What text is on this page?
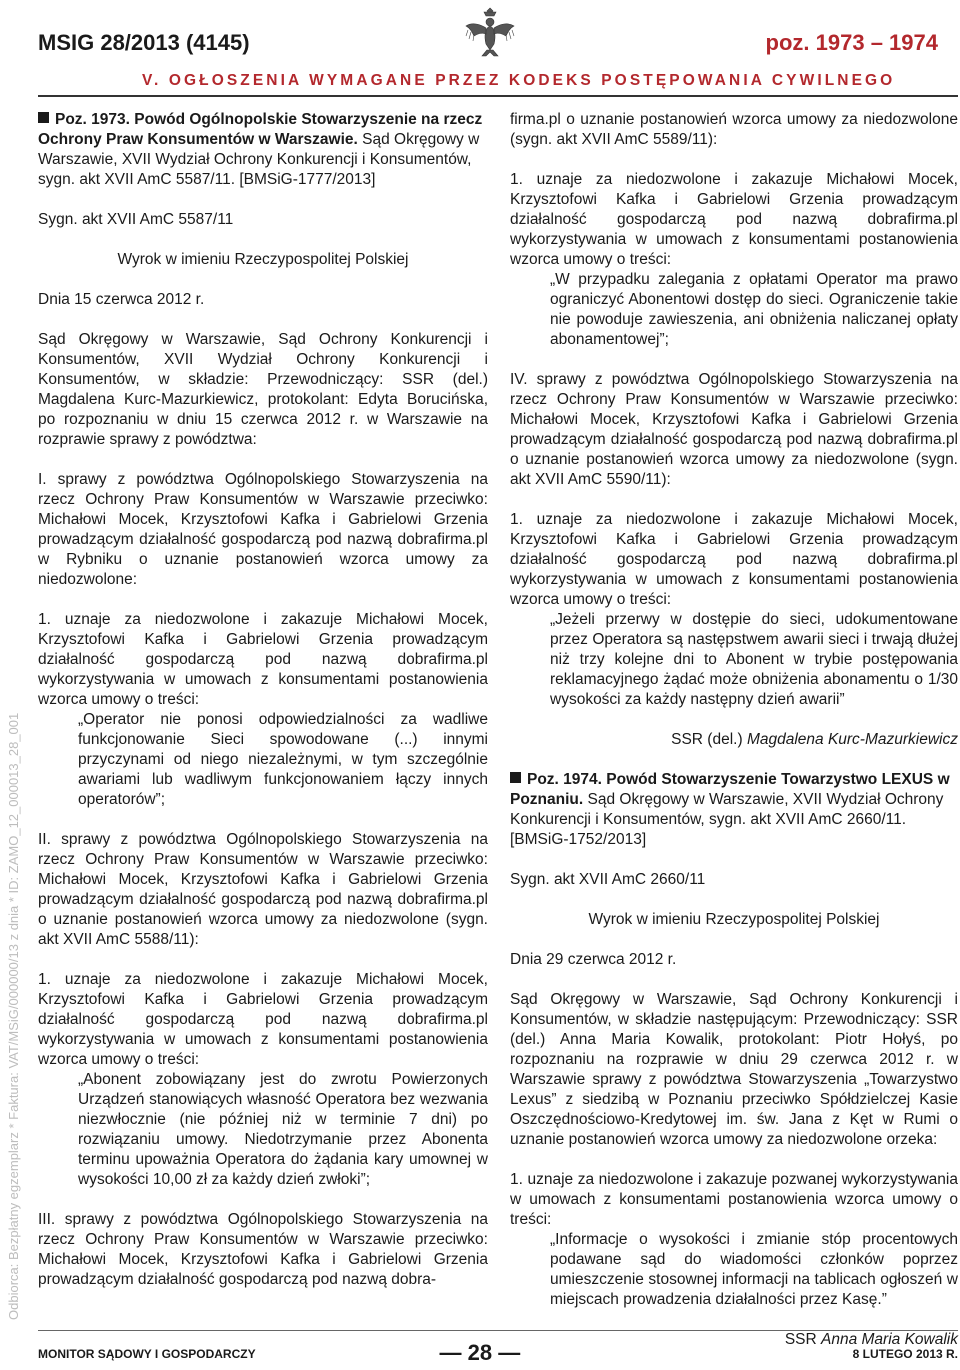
MSIG 28/2013 (4145)	poz. 1973 – 1974
V. OGŁOSZENIA WYMAGANE PRZEZ KODEKS POSTĘPOWANIA CYWILNEGO
Odbiorca: Bezpłatny egzemplarz * Faktura: VAT/MSiG/000000/13 z dnia * ID: ZAMO_12_000013_28_001

Poz. 1973. Powód Ogólnopolskie Stowarzyszenie na rzecz Ochrony Praw Konsumentów w Warszawie. Sąd Okręgowy w Warszawie, XVII Wydział Ochrony Konkurencji i Konsumentów, sygn. akt XVII AmC 5587/11. [BMSiG-1777/2013]

Sygn. akt XVII AmC 5587/11

Wyrok w imieniu Rzeczypospolitej Polskiej

Dnia 15 czerwca 2012 r.

Sąd Okręgowy w Warszawie, Sąd Ochrony Konkurencji i Konsumentów, XVII Wydział Ochrony Konkurencji i Konsumentów, w składzie: Przewodniczący: SSR (del.) Magdalena Kurc-Mazurkiewicz, protokolant: Edyta Borucińska, po rozpoznaniu w dniu 15 czerwca 2012 r. w Warszawie na rozprawie sprawy z powództwa:

I. sprawy z powództwa Ogólnopolskiego Stowarzyszenia na rzecz Ochrony Praw Konsumentów w Warszawie przeciwko: Michałowi Mocek, Krzysztofowi Kafka i Gabrielowi Grzenia prowadzącym działalność gospodarczą pod nazwą dobrafirma.pl w Rybniku o uznanie postanowień wzorca umowy za niedozwolone:

1. uznaje za niedozwolone i zakazuje Michałowi Mocek, Krzysztofowi Kafka i Gabrielowi Grzenia prowadzącym działalność gospodarczą pod nazwą dobrafirma.pl wykorzystywania w umowach z konsumentami postanowienia wzorca umowy o treści:

„Operator nie ponosi odpowiedzialności za wadliwe funkcjonowanie Sieci spowodowane (...) innymi przyczynami od niego niezależnymi, w tym szczególnie awariami lub wadliwym funkcjonowaniem łączy innych operatorów”;

II. sprawy z powództwa Ogólnopolskiego Stowarzyszenia na rzecz Ochrony Praw Konsumentów w Warszawie przeciwko: Michałowi Mocek, Krzysztofowi Kafka i Gabrielowi Grzenia prowadzącym działalność gospodarczą pod nazwą dobrafirma.pl o uznanie postanowień wzorca umowy za niedozwolone (sygn. akt XVII AmC 5588/11):

1. uznaje za niedozwolone i zakazuje Michałowi Mocek, Krzysztofowi Kafka i Gabrielowi Grzenia prowadzącym działalność gospodarczą pod nazwą dobrafirma.pl wykorzystywania w umowach z konsumentami postanowienia wzorca umowy o treści:

„Abonent zobowiązany jest do zwrotu Powierzonych Urządzeń stanowiących własność Operatora bez wezwania niezwłocznie (nie później niż w terminie 7 dni) po rozwiązaniu umowy. Niedotrzymanie przez Abonenta terminu upoważnia Operatora do żądania kary umownej w wysokości 10,00 zł za każdy dzień zwłoki”;

III. sprawy z powództwa Ogólnopolskiego Stowarzyszenia na rzecz Ochrony Praw Konsumentów w Warszawie przeciwko: Michałowi Mocek, Krzysztofowi Kafka i Gabrielowi Grzenia prowadzącym działalność gospodarczą pod nazwą dobra-

firma.pl o uznanie postanowień wzorca umowy za niedozwolone (sygn. akt XVII AmC 5589/11):

1. uznaje za niedozwolone i zakazuje Michałowi Mocek, Krzysztofowi Kafka i Gabrielowi Grzenia prowadzącym działalność gospodarczą pod nazwą dobrafirma.pl wykorzystywania w umowach z konsumentami postanowienia wzorca umowy o treści:

„W przypadku zalegania z opłatami Operator ma prawo ograniczyć Abonentowi dostęp do sieci. Ograniczenie takie nie powoduje zawieszenia, ani obniżenia naliczanej opłaty abonamentowej”;

IV. sprawy z powództwa Ogólnopolskiego Stowarzyszenia na rzecz Ochrony Praw Konsumentów w Warszawie przeciwko: Michałowi Mocek, Krzysztofowi Kafka i Gabrielowi Grzenia prowadzącym działalność gospodarczą pod nazwą dobrafirma.pl o uznanie postanowień wzorca umowy za niedozwolone (sygn. akt XVII AmC 5590/11):

1. uznaje za niedozwolone i zakazuje Michałowi Mocek, Krzysztofowi Kafka i Gabrielowi Grzenia prowadzącym działalność gospodarczą pod nazwą dobrafirma.pl wykorzystywania w umowach z konsumentami postanowienia wzorca umowy o treści:

„Jeżeli przerwy w dostępie do sieci, udokumentowane przez Operatora są następstwem awarii sieci i trwają dłużej niż trzy kolejne dni to Abonent w trybie postępowania reklamacyjnego żądać może obniżenia abonamentu o 1/30 wysokości za każdy następny dzień awarii”

SSR (del.) Magdalena Kurc-Mazurkiewicz

Poz. 1974. Powód Stowarzyszenie Towarzystwo LEXUS w Poznaniu. Sąd Okręgowy w Warszawie, XVII Wydział Ochrony Konkurencji i Konsumentów, sygn. akt XVII AmC 2660/11. [BMSiG-1752/2013]

Sygn. akt XVII AmC 2660/11

Wyrok w imieniu Rzeczypospolitej Polskiej

Dnia 29 czerwca 2012 r.

Sąd Okręgowy w Warszawie, Sąd Ochrony Konkurencji i Konsumentów, w składzie następującym: Przewodniczący: SSR (del.) Anna Maria Kowalik, protokolant: Piotr Hołyś, po rozpoznaniu na rozprawie w dniu 29 czerwca 2012 r. w Warszawie sprawy z powództwa Stowarzyszenia „Towarzystwo Lexus” z siedzibą w Poznaniu przeciwko Spółdzielczej Kasie Oszczędnościowo-Kredytowej im. św. Jana z Kęt w Rumi o uznanie postanowień wzorca umowy za niedozwolone orzeka:

1. uznaje za niedozwolone i zakazuje pozwanej wykorzystywania w umowach z konsumentami postanowienia wzorca umowy o treści:

„Informacje o wysokości i zmianie stóp procentowych podawane sąd do wiadomości członków poprzez umieszczenie stosownej informacji na tablicach ogłoszeń w miejscach prowadzenia działalności przez Kasę.”

SSR Anna Maria Kowalik

MONITOR SĄDOWY I GOSPODARCZY	— 28 —	8 LUTEGO 2013 R.
